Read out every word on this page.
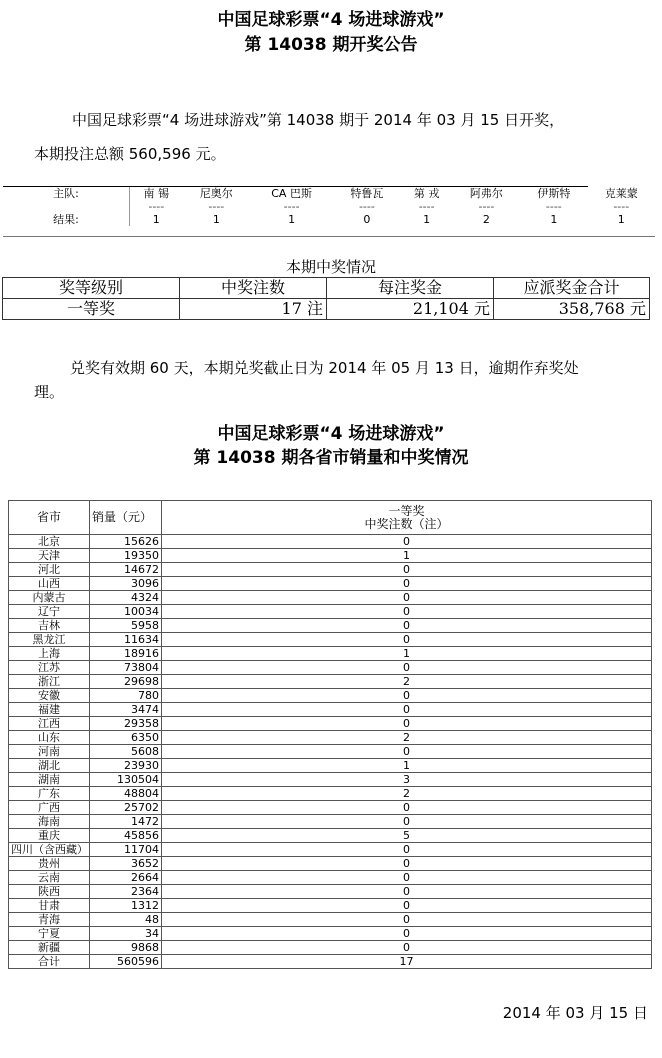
中国足球彩票“4 场进球游戏”
第 14038 期开奖公告
中国足球彩票“4 场进球游戏”第 14038 期于 2014 年 03 月 15 日开奖，
本期投注总额 560,596 元。
主队:	南 锡	尼奥尔	CA 巴斯	特鲁瓦	第 戎	阿弗尔	伊斯特	克莱蒙
	----	----	----	----	----	----	----	----
结果:	1	1	1	0	1	2	1	1
本期中奖情况
奖等级别	中奖注数	每注奖金	应派奖金合计
一等奖	17 注	21,104 元	358,768 元
兑奖有效期 60 天，本期兑奖截止日为 2014 年 05 月 13 日，逾期作弃奖处
理。
中国足球彩票“4 场进球游戏”
第 14038 期各省市销量和中奖情况
省市	销量（元）	一等奖
中奖注数（注）

北京	15626	0
天津	19350	1
河北	14672	0
山西	3096	0
内蒙古	4324	0
辽宁	10034	0
吉林	5958	0
黑龙江	11634	0
上海	18916	1
江苏	73804	0
浙江	29698	2
安徽	780	0
福建	3474	0
江西	29358	0
山东	6350	2
河南	5608	0
湖北	23930	1
湖南	130504	3
广东	48804	2
广西	25702	0
海南	1472	0
重庆	45856	5
四川（含西藏）	11704	0
贵州	3652	0
云南	2664	0
陕西	2364	0
甘肃	1312	0
青海	48	0
宁夏	34	0
新疆	9868	0
合计	560596	17
2014 年 03 月 15 日
